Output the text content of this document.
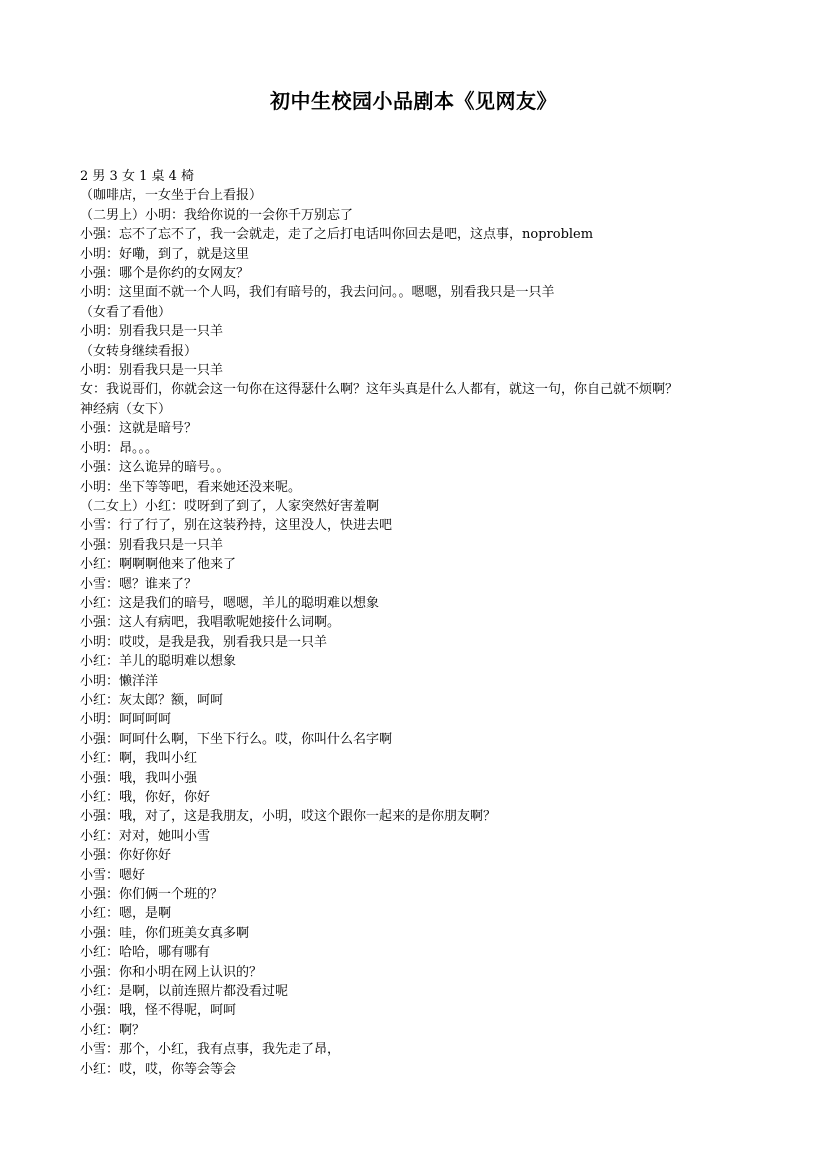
初中生校园小品剧本《见网友》
2 男 3 女 1 桌 4 椅
（咖啡店，一女坐于台上看报）
（二男上）小明：我给你说的一会你千万别忘了
小强：忘不了忘不了，我一会就走，走了之后打电话叫你回去是吧，这点事，noproblem
小明：好嘞，到了，就是这里
小强：哪个是你约的女网友？
小明：这里面不就一个人吗，我们有暗号的，我去问问。。嗯嗯，别看我只是一只羊
（女看了看他）
小明：别看我只是一只羊
（女转身继续看报）
小明：别看我只是一只羊
女：我说哥们，你就会这一句你在这得瑟什么啊？这年头真是什么人都有，就这一句，你自己就不烦啊？
神经病（女下）
小强：这就是暗号？
小明：昂。。。
小强：这么诡异的暗号。。
小明：坐下等等吧，看来她还没来呢。
（二女上）小红：哎呀到了到了，人家突然好害羞啊
小雪：行了行了，别在这装矜持，这里没人，快进去吧
小强：别看我只是一只羊
小红：啊啊啊他来了他来了
小雪：嗯？谁来了？
小红：这是我们的暗号，嗯嗯，羊儿的聪明难以想象
小强：这人有病吧，我唱歌呢她接什么词啊。
小明：哎哎，是我是我，别看我只是一只羊
小红：羊儿的聪明难以想象
小明：懒洋洋
小红：灰太郎？额，呵呵
小明：呵呵呵呵
小强：呵呵什么啊，下坐下行么。哎，你叫什么名字啊
小红：啊，我叫小红
小强：哦，我叫小强
小红：哦，你好，你好
小强：哦，对了，这是我朋友，小明，哎这个跟你一起来的是你朋友啊？
小红：对对，她叫小雪
小强：你好你好
小雪：嗯好
小强：你们俩一个班的？
小红：嗯，是啊
小强：哇，你们班美女真多啊
小红：哈哈，哪有哪有
小强：你和小明在网上认识的？
小红：是啊，以前连照片都没看过呢
小强：哦，怪不得呢，呵呵
小红：啊？
小雪：那个，小红，我有点事，我先走了昂，
小红：哎，哎，你等会等会
